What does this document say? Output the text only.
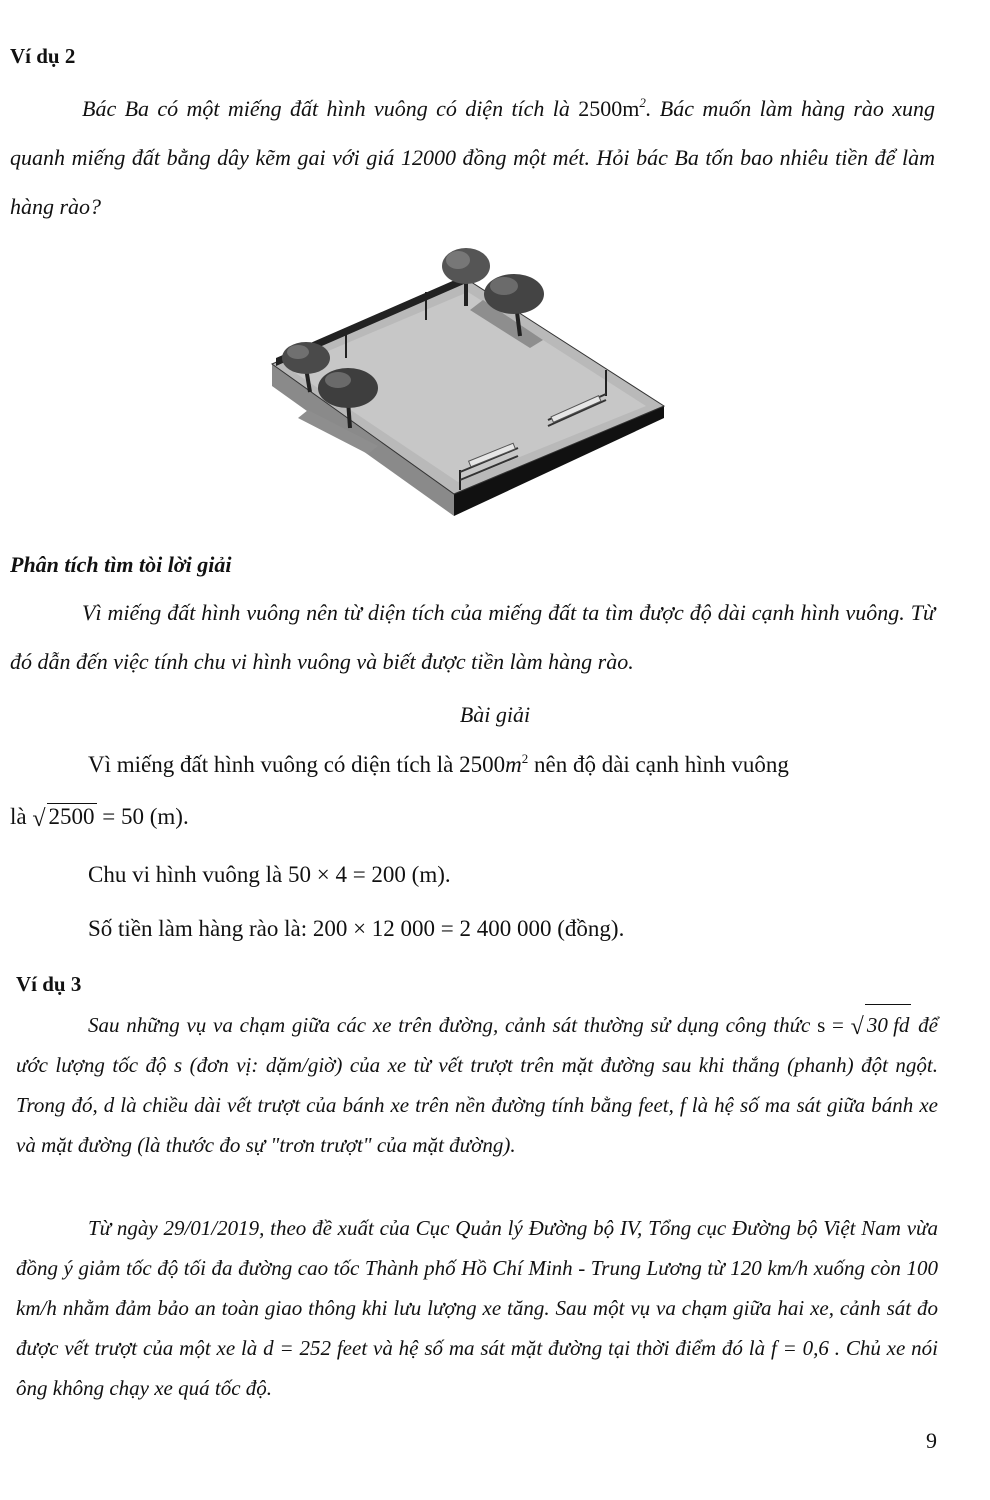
Ví dụ 2
Bác Ba có một miếng đất hình vuông có diện tích là $2500m^2$. Bác muốn làm hàng rào xung quanh miếng đất bằng dây kẽm gai với giá 12000 đồng một mét. Hỏi bác Ba tốn bao nhiêu tiền để làm hàng rào?
Phân tích tìm tòi lời giải
Vì miếng đất hình vuông nên từ diện tích của miếng đất ta tìm được độ dài cạnh hình vuông. Từ đó dẫn đến việc tính chu vi hình vuông và biết được tiền làm hàng rào.
Bài giải
Vì miếng đất hình vuông có diện tích là $2500m^2$ nên độ dài cạnh hình vuông
là √ 2500 = 50 (m).
Chu vi hình vuông là 50 × 4 = 200 (m).
Số tiền làm hàng rào là: 200 × 12 000 = 2 400 000 (đồng).
Ví dụ 3
Sau những vụ va chạm giữa các xe trên đường, cảnh sát thường sử dụng công thức s = √ 30 fd để ước lượng tốc độ s (đơn vị: dặm/giờ) của xe từ vết trượt trên mặt đường sau khi thắng (phanh) đột ngột. Trong đó, d là chiều dài vết trượt của bánh xe trên nền đường tính bằng feet, f là hệ số ma sát giữa bánh xe và mặt đường (là thước đo sự "trơn trượt" của mặt đường).
Từ ngày 29/01/2019, theo đề xuất của Cục Quản lý Đường bộ IV, Tổng cục Đường bộ Việt Nam vừa đồng ý giảm tốc độ tối đa đường cao tốc Thành phố Hồ Chí Minh - Trung Lương từ 120 km/h xuống còn 100 km/h nhằm đảm bảo an toàn giao thông khi lưu lượng xe tăng. Sau một vụ va chạm giữa hai xe, cảnh sát đo được vết trượt của một xe là d = 252 feet và hệ số ma sát mặt đường tại thời điểm đó là f = 0,6 . Chủ xe nói ông không chạy xe quá tốc độ.
9
